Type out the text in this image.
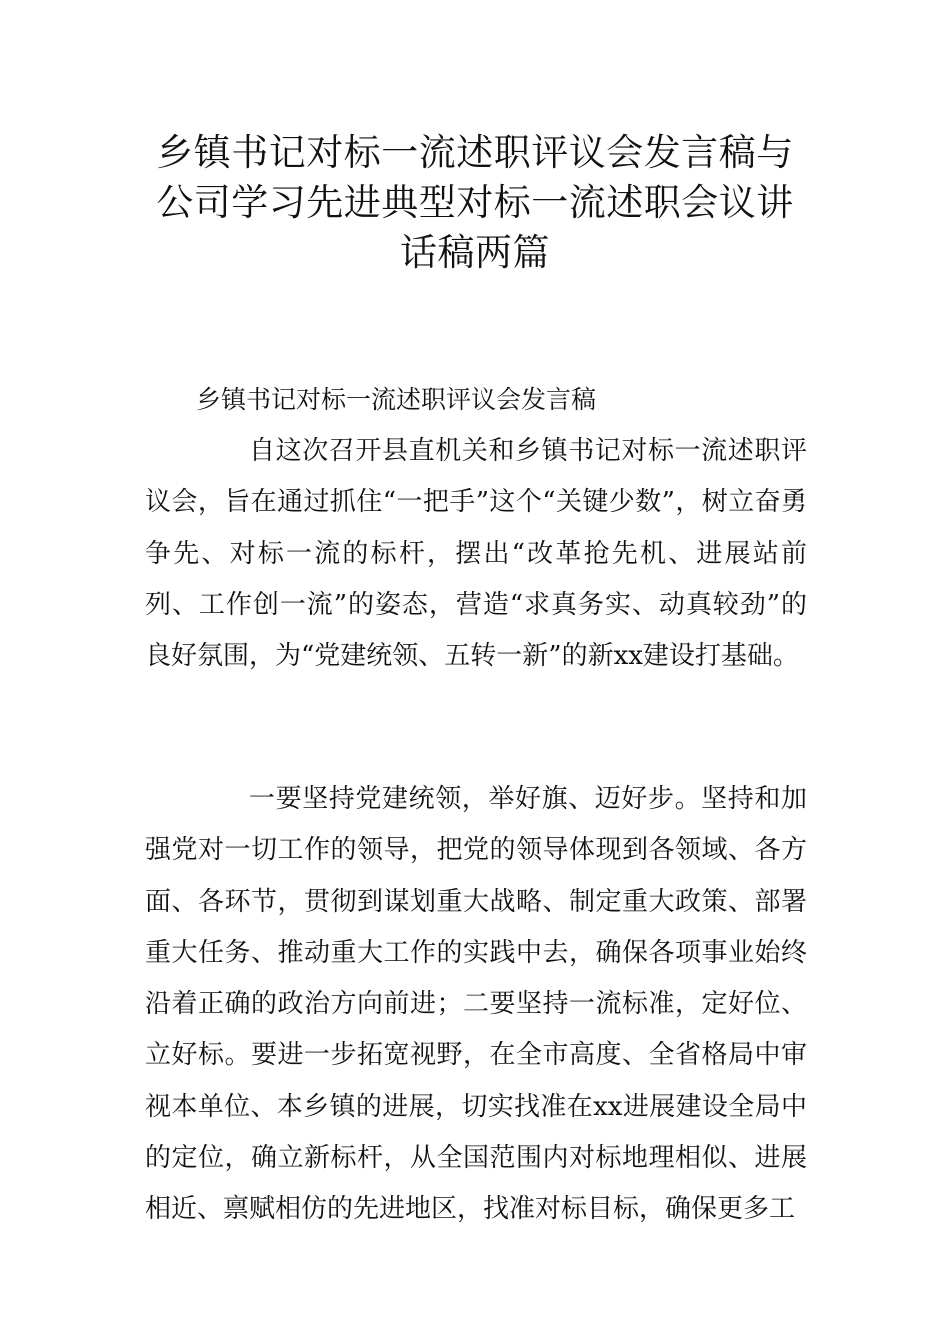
乡镇书记对标一流述职评议会发言稿与公司学习先进典型对标一流述职会议讲话稿两篇
乡镇书记对标一流述职评议会发言稿

自这次召开县直机关和乡镇书记对标一流述职评议会，旨在通过抓住“一把手”这个“关键少数”，树立奋勇争先、对标一流的标杆，摆出“改革抢先机、进展站前列、工作创一流”的姿态，营造“求真务实、动真较劲”的良好氛围，为“党建统领、五转一新”的新xx建设打基础。

一要坚持党建统领，举好旗、迈好步。坚持和加强党对一切工作的领导，把党的领导体现到各领域、各方面、各环节，贯彻到谋划重大战略、制定重大政策、部署重大任务、推动重大工作的实践中去，确保各项事业始终沿着正确的政治方向前进；二要坚持一流标准，定好位、立好标。要进一步拓宽视野，在全市高度、全省格局中审视本单位、本乡镇的进展，切实找准在xx进展建设全局中的定位，确立新标杆，从全国范围内对标地理相似、进展相近、禀赋相仿的先进地区，找准对标目标，确保更多工
